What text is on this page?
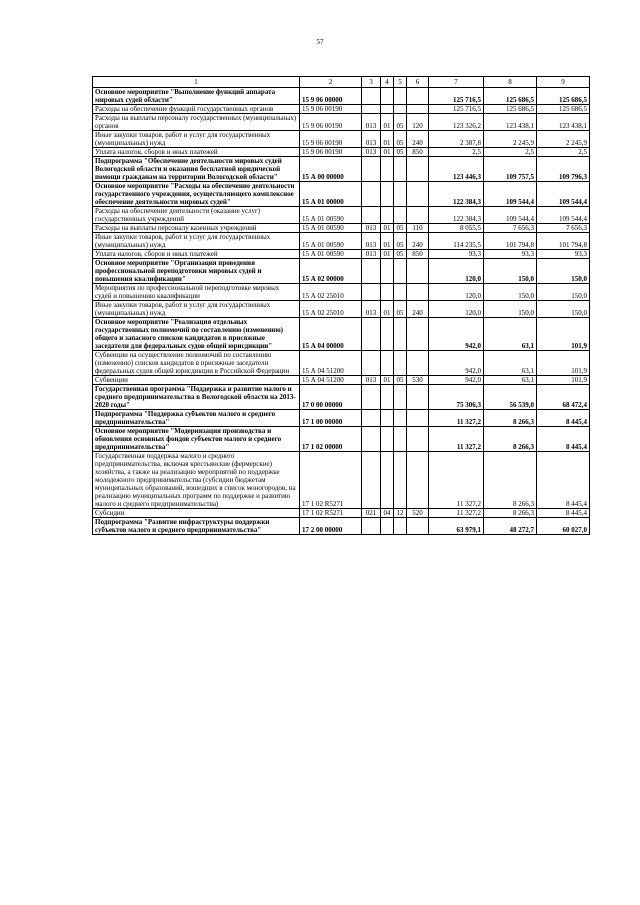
57
1	2	3	4	5	6	7	8	9
Основное мероприятие "Выполнение функций аппарата мировых судей области"	15 9 06 00000					125 716,5	125 686,5	125 686,5
Расходы на обеспечение функций государственных органов	15 9 06 00190					125 716,5	125 686,5	125 686,5
Расходы на выплаты персоналу государственных (муниципальных) органов	15 9 06 00190	013	01	05	120	123 326,2	123 438,1	123 438,1
Иные закупки товаров, работ и услуг для государственных (муниципальных) нужд	15 9 06 00190	013	01	05	240	2 387,8	2 245,9	2 245,9
Уплата налогов, сборов и иных платежей	15 9 06 00190	013	01	05	850	2,5	2,5	2,5
Подпрограмма "Обеспечение деятельности мировых судей Вологодской области и оказания бесплатной юридической помощи гражданам на территории Вологодской области"	15 А 00 00000					123 446,3	109 757,5	109 796,3
Основное мероприятие "Расходы на обеспечение деятельности государственного учреждения, осуществляющего комплексное обеспечение деятельности мировых судей"	15 А 01 00000					122 384,3	109 544,4	109 544,4
Расходы на обеспечение деятельности (оказание услуг) государственных учреждений	15 А 01 00590					122 384,3	109 544,4	109 544,4
Расходы на выплаты персоналу казенных учреждений	15 А 01 00590	013	01	05	110	8 055,5	7 656,3	7 656,3
Иные закупки товаров, работ и услуг для государственных (муниципальных) нужд	15 А 01 00590	013	01	05	240	114 235,5	101 794,8	101 794,8
Уплата налогов, сборов и иных платежей	15 А 01 00590	013	01	05	850	93,3	93,3	93,3
Основное мероприятие "Организация проведения профессиональной переподготовки мировых судей и повышения квалификации"	15 А 02 00000					120,0	150,0	150,0
Мероприятия по профессиональной переподготовке мировых судей и повышению квалификации	15 А 02 25010					120,0	150,0	150,0
Иные закупки товаров, работ и услуг для государственных (муниципальных) нужд	15 А 02 25010	013	01	05	240	120,0	150,0	150,0
Основное мероприятие "Реализация отдельных государственных полномочий по составлению (изменению) общего и запасного списков кандидатов в присяжные заседатели для федеральных судов общей юрисдикции"	15 А 04 00000					942,0	63,1	101,9
Субвенции на осуществление полномочий по составлению (изменению) списков кандидатов в присяжные заседатели федеральных судов общей юрисдикции в Российской Федерации	15 А 04 51200					942,0	63,1	101,9
Субвенции	15 А 04 51200	013	01	05	530	942,0	63,1	101,9
Государственная программа "Поддержка и развитие малого и среднего предпринимательства в Вологодской области на 2013-2020 годы"	17 0 00 00000					75 306,3	56 539,0	68 472,4
Подпрограмма "Поддержка субъектов малого и среднего предпринимательства"	17 1 00 00000					11 327,2	8 266,3	8 445,4
Основное мероприятие "Модернизация производства и обновления основных фондов субъектов малого и среднего предпринимательства"	17 1 02 00000					11 327,2	8 266,3	8 445,4
Государственная поддержка малого и среднего предпринимательства, включая крестьянские (фермерские) хозяйства, а также на реализацию мероприятий по поддержке молодежного предпринимательства (субсидии бюджетам муниципальных образований, вошедших в список моногородов, на реализацию муниципальных программ по поддержке и развитию малого и среднего предпринимательства)	17 1 02 R5271					11 327,2	8 266,3	8 445,4
Субсидии	17 1 02 R5271	021	04	12	520	11 327,2	8 266,3	8 445,4
Подпрограмма "Развитие инфраструктуры поддержки субъектов малого и среднего предпринимательства"	17 2 00 00000					63 979,1	48 272,7	60 027,0
